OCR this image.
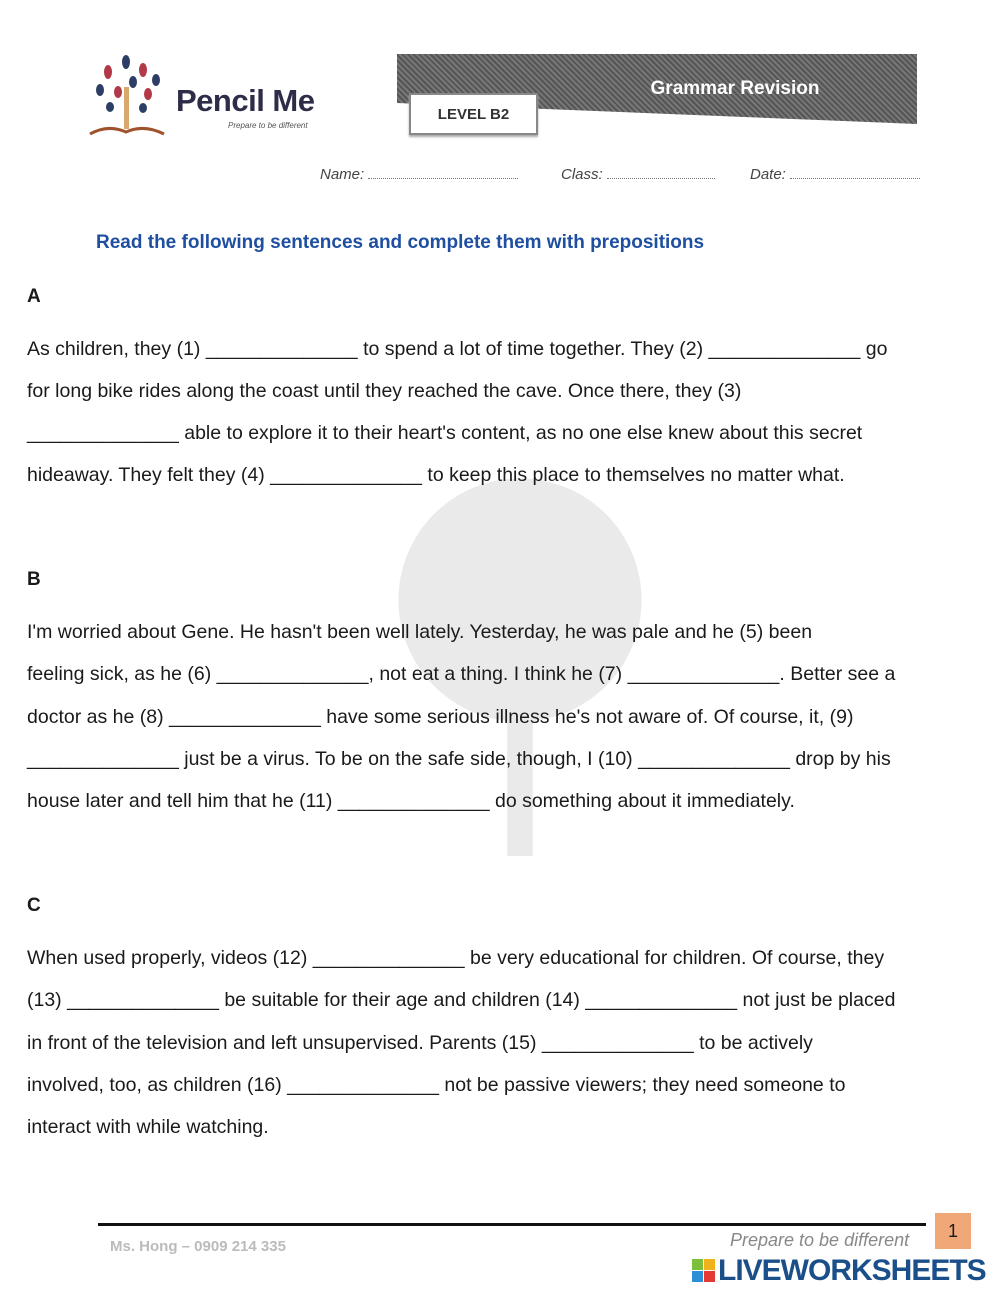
Pencil Me
Prepare to be different
Grammar Revision
LEVEL B2
Name:	Class:	Date:
Read the following sentences and complete them with prepositions
A
As children, they (1) ______________ to spend a lot of time together. They (2) ______________ go
for long bike rides along the coast until they reached the cave. Once there, they (3)
______________ able to explore it to their heart's content, as no one else knew about this secret
hideaway. They felt they (4) ______________ to keep this place to themselves no matter what.
B
I'm worried about Gene. He hasn't been well lately. Yesterday, he was pale and he (5) been
feeling sick, as he (6) ______________, not eat a thing. I think he (7) ______________. Better see a
doctor as he (8) ______________ have some serious illness he's not aware of. Of course, it, (9)
______________ just be a virus. To be on the safe side, though, I (10) ______________ drop by his
house later and tell him that he (11) ______________ do something about it immediately.
C
When used properly, videos (12) ______________ be very educational for children. Of course, they
(13) ______________ be suitable for their age and children (14) ______________ not just be placed
in front of the television and left unsupervised. Parents (15) ______________ to be actively
involved, too, as children (16) ______________ not be passive viewers; they need someone to
interact with while watching.
Ms. Hong – 0909 214 335	Prepare to be different	1
LIVEWORKSHEETS
